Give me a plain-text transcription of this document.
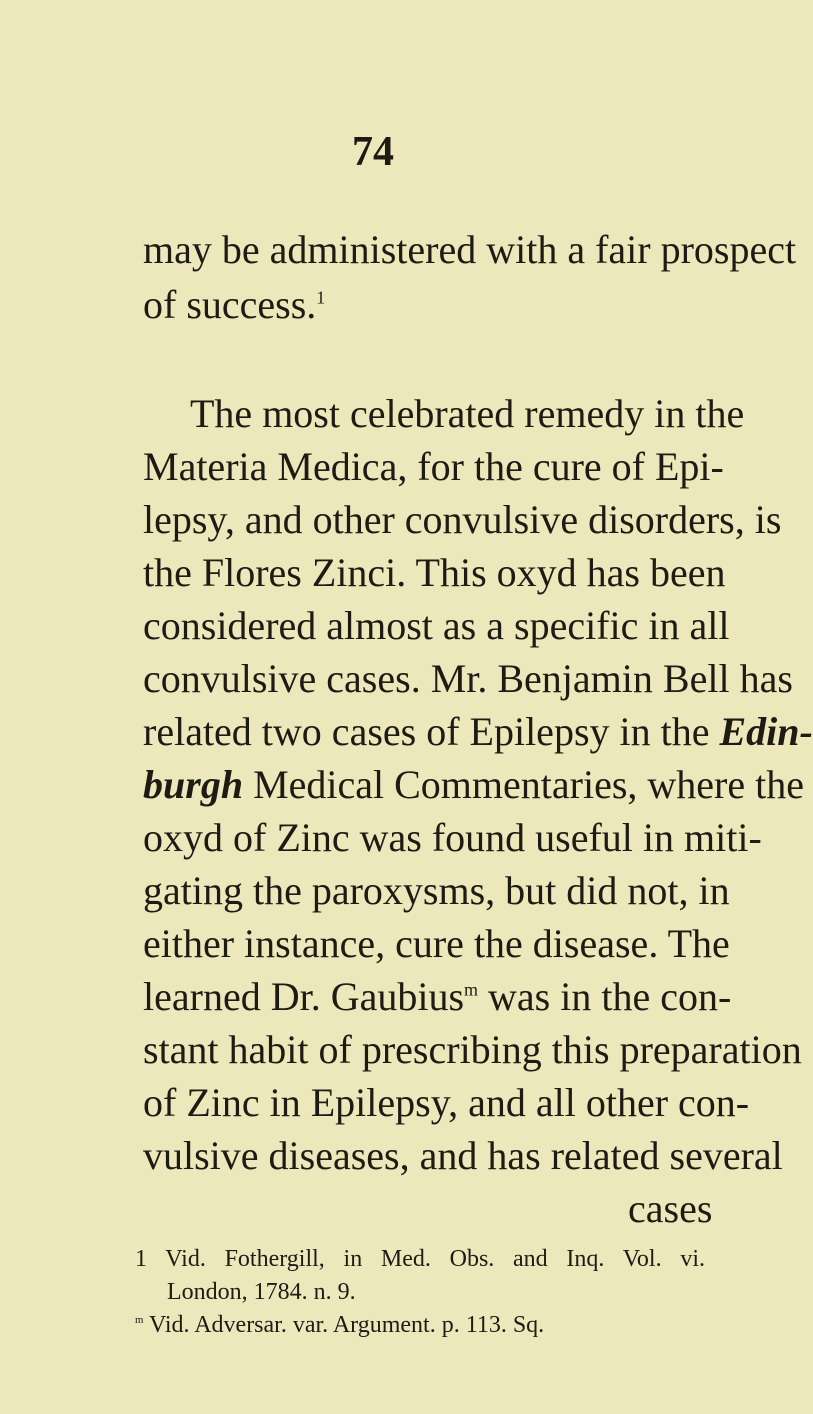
74

may be administered with a fair prospect

of success.$^1$

The most celebrated remedy in the

Materia Medica, for the cure of Epi-

lepsy, and other convulsive disorders, is

the Flores Zinci. This oxyd has been

considered almost as a specific in all

convulsive cases. Mr. Benjamin Bell has

related two cases of Epilepsy in the Edin-

burgh Medical Commentaries, where the

oxyd of Zinc was found useful in miti-

gating the paroxysms, but did not, in

either instance, cure the disease. The

learned Dr. Gaubius$^m$ was in the con-

stant habit of prescribing this preparation

of Zinc in Epilepsy, and all other con-

vulsive diseases, and has related several

cases

1 Vid. Fothergill, in Med. Obs. and Inq. Vol. vi.

London, 1784. n. 9.

$^m$ Vid. Adversar. var. Argument. p. 113. Sq.
